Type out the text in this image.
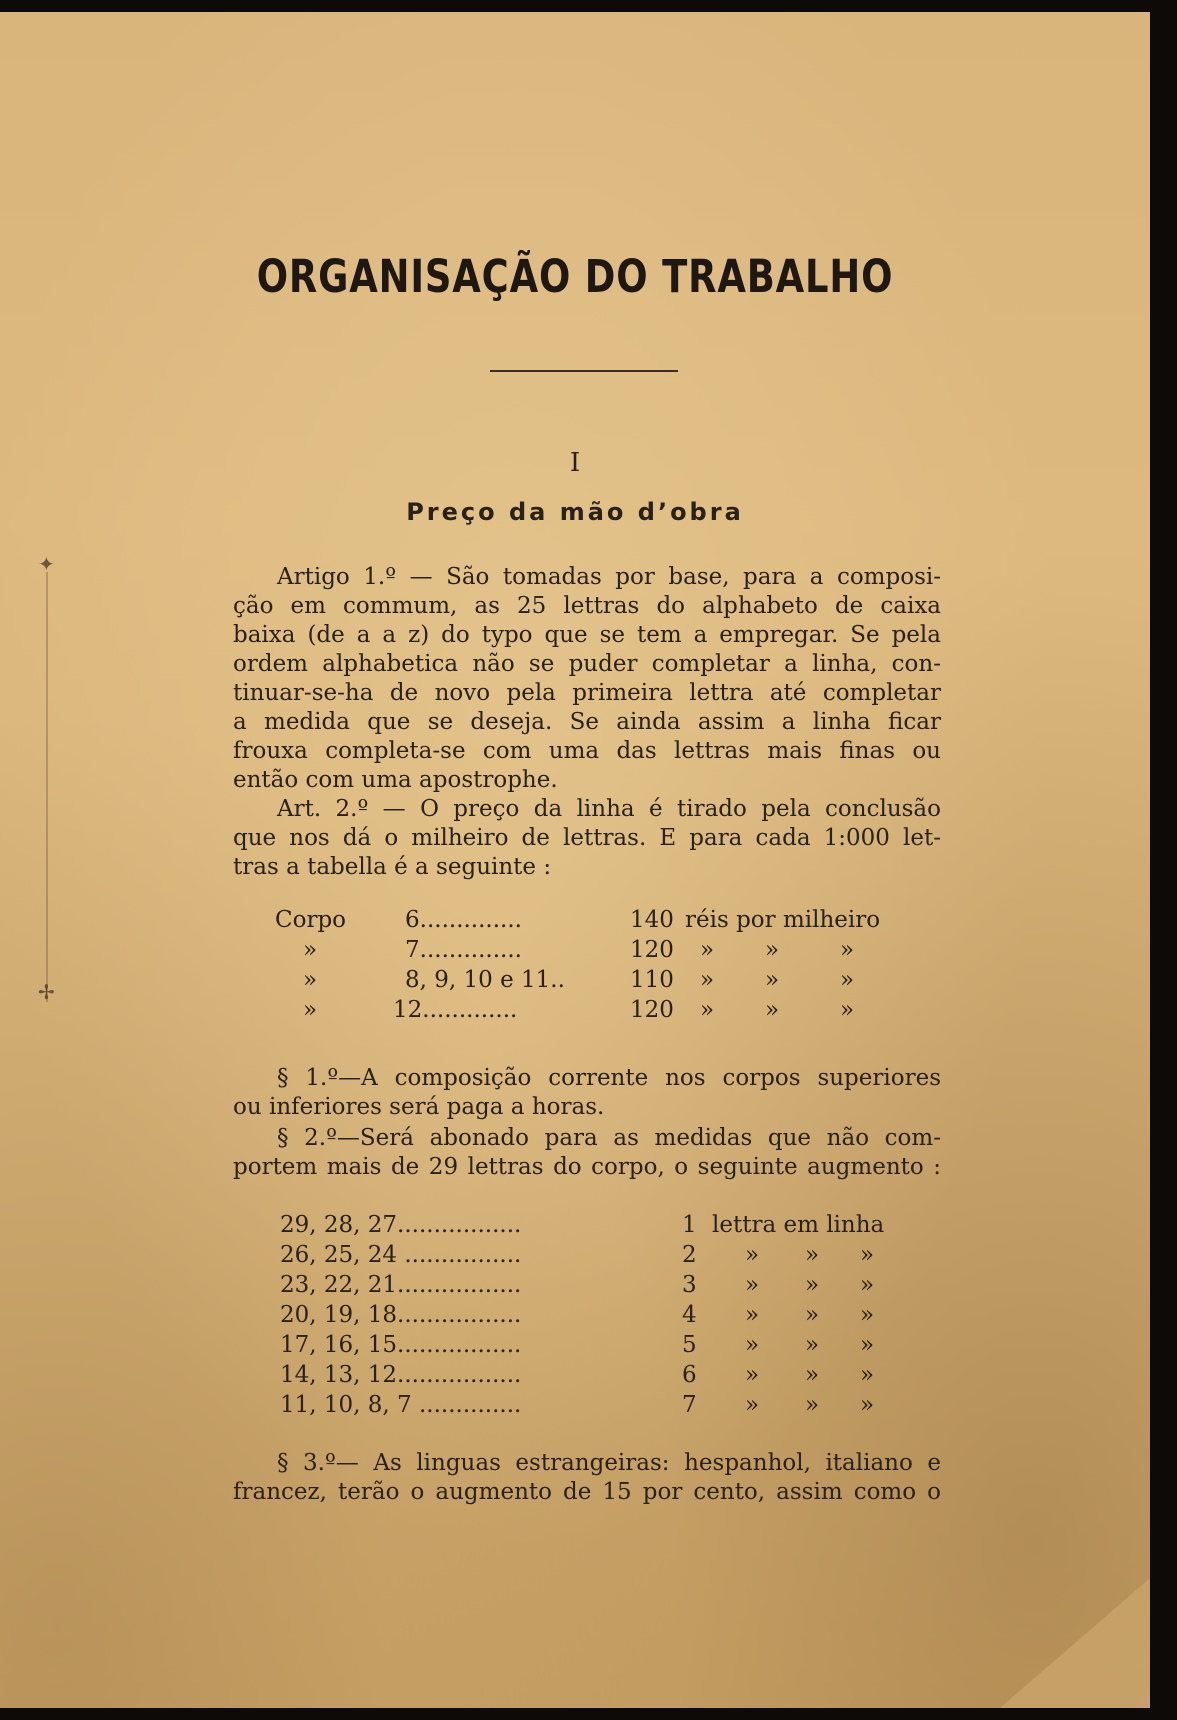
✦
✢
ORGANISAÇÃO DO TRABALHO
I
Preço da mão d’obra
Artigo 1.º — São tomadas por base, para a composi-
ção em commum, as 25 lettras do alphabeto de caixa
baixa (de a a z) do typo que se tem a empregar. Se pela
ordem alphabetica não se puder completar a linha, con-
tinuar-se-ha de novo pela primeira lettra até completar
a medida que se deseja. Se ainda assim a linha ficar
frouxa completa-se com uma das lettras mais finas ou
então com uma apostrophe.
Art. 2.º — O preço da linha é tirado pela conclusão
que nos dá o milheiro de lettras. E para cada 1:000 let-
tras a tabella é a seguinte :
Corpo	6..............	140 réis por milheiro
»	7..............	120 » »	»
»	8, 9, 10 e 11..	110 » »	»
»	12.............	120 » »	»
§ 1.º—A composição corrente nos corpos superiores
ou inferiores será paga a horas.
§ 2.º—Será abonado para as medidas que não com-
portem mais de 29 lettras do corpo, o seguinte augmento :
29, 28, 27.................	1 lettra em linha
26, 25, 24 ................	2 » » »
23, 22, 21.................	3 » » »
20, 19, 18.................	4 » » »
17, 16, 15.................	5 » » »
14, 13, 12.................	6 » » »
11, 10, 8, 7 ..............	7 » » »
§ 3.º— As linguas estrangeiras: hespanhol, italiano e
francez, terão o augmento de 15 por cento, assim como o
